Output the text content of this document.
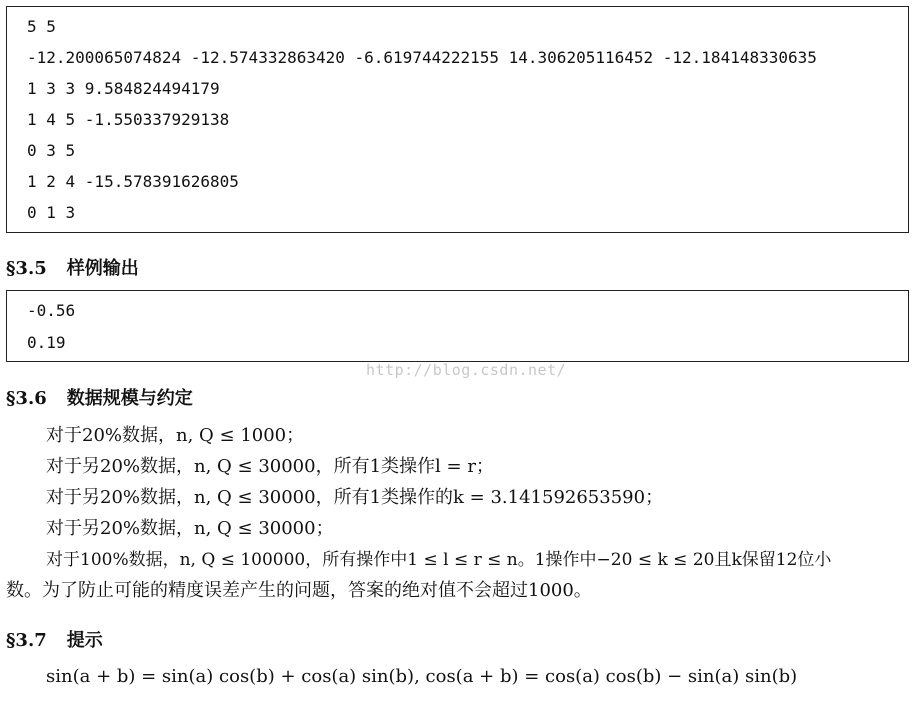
5 5
-12.200065074824 -12.574332863420 -6.619744222155 14.306205116452 -12.184148330635
1 3 3 9.584824494179
1 4 5 -1.550337929138
0 3 5
1 2 4 -15.578391626805
0 1 3
§3.5 样例输出
-0.56
0.19
http://blog.csdn.net/
§3.6 数据规模与约定
对于20%数据，n, Q ≤ 1000；
对于另20%数据，n, Q ≤ 30000，所有1类操作l = r；
对于另20%数据，n, Q ≤ 30000，所有1类操作的k = 3.141592653590；
对于另20%数据，n, Q ≤ 30000；
对于100%数据，n, Q ≤ 100000，所有操作中1 ≤ l ≤ r ≤ n。1操作中−20 ≤ k ≤ 20且k保留12位小
数。为了防止可能的精度误差产生的问题，答案的绝对值不会超过1000。
§3.7 提示
sin(a + b) = sin(a) cos(b) + cos(a) sin(b), cos(a + b) = cos(a) cos(b) − sin(a) sin(b)
